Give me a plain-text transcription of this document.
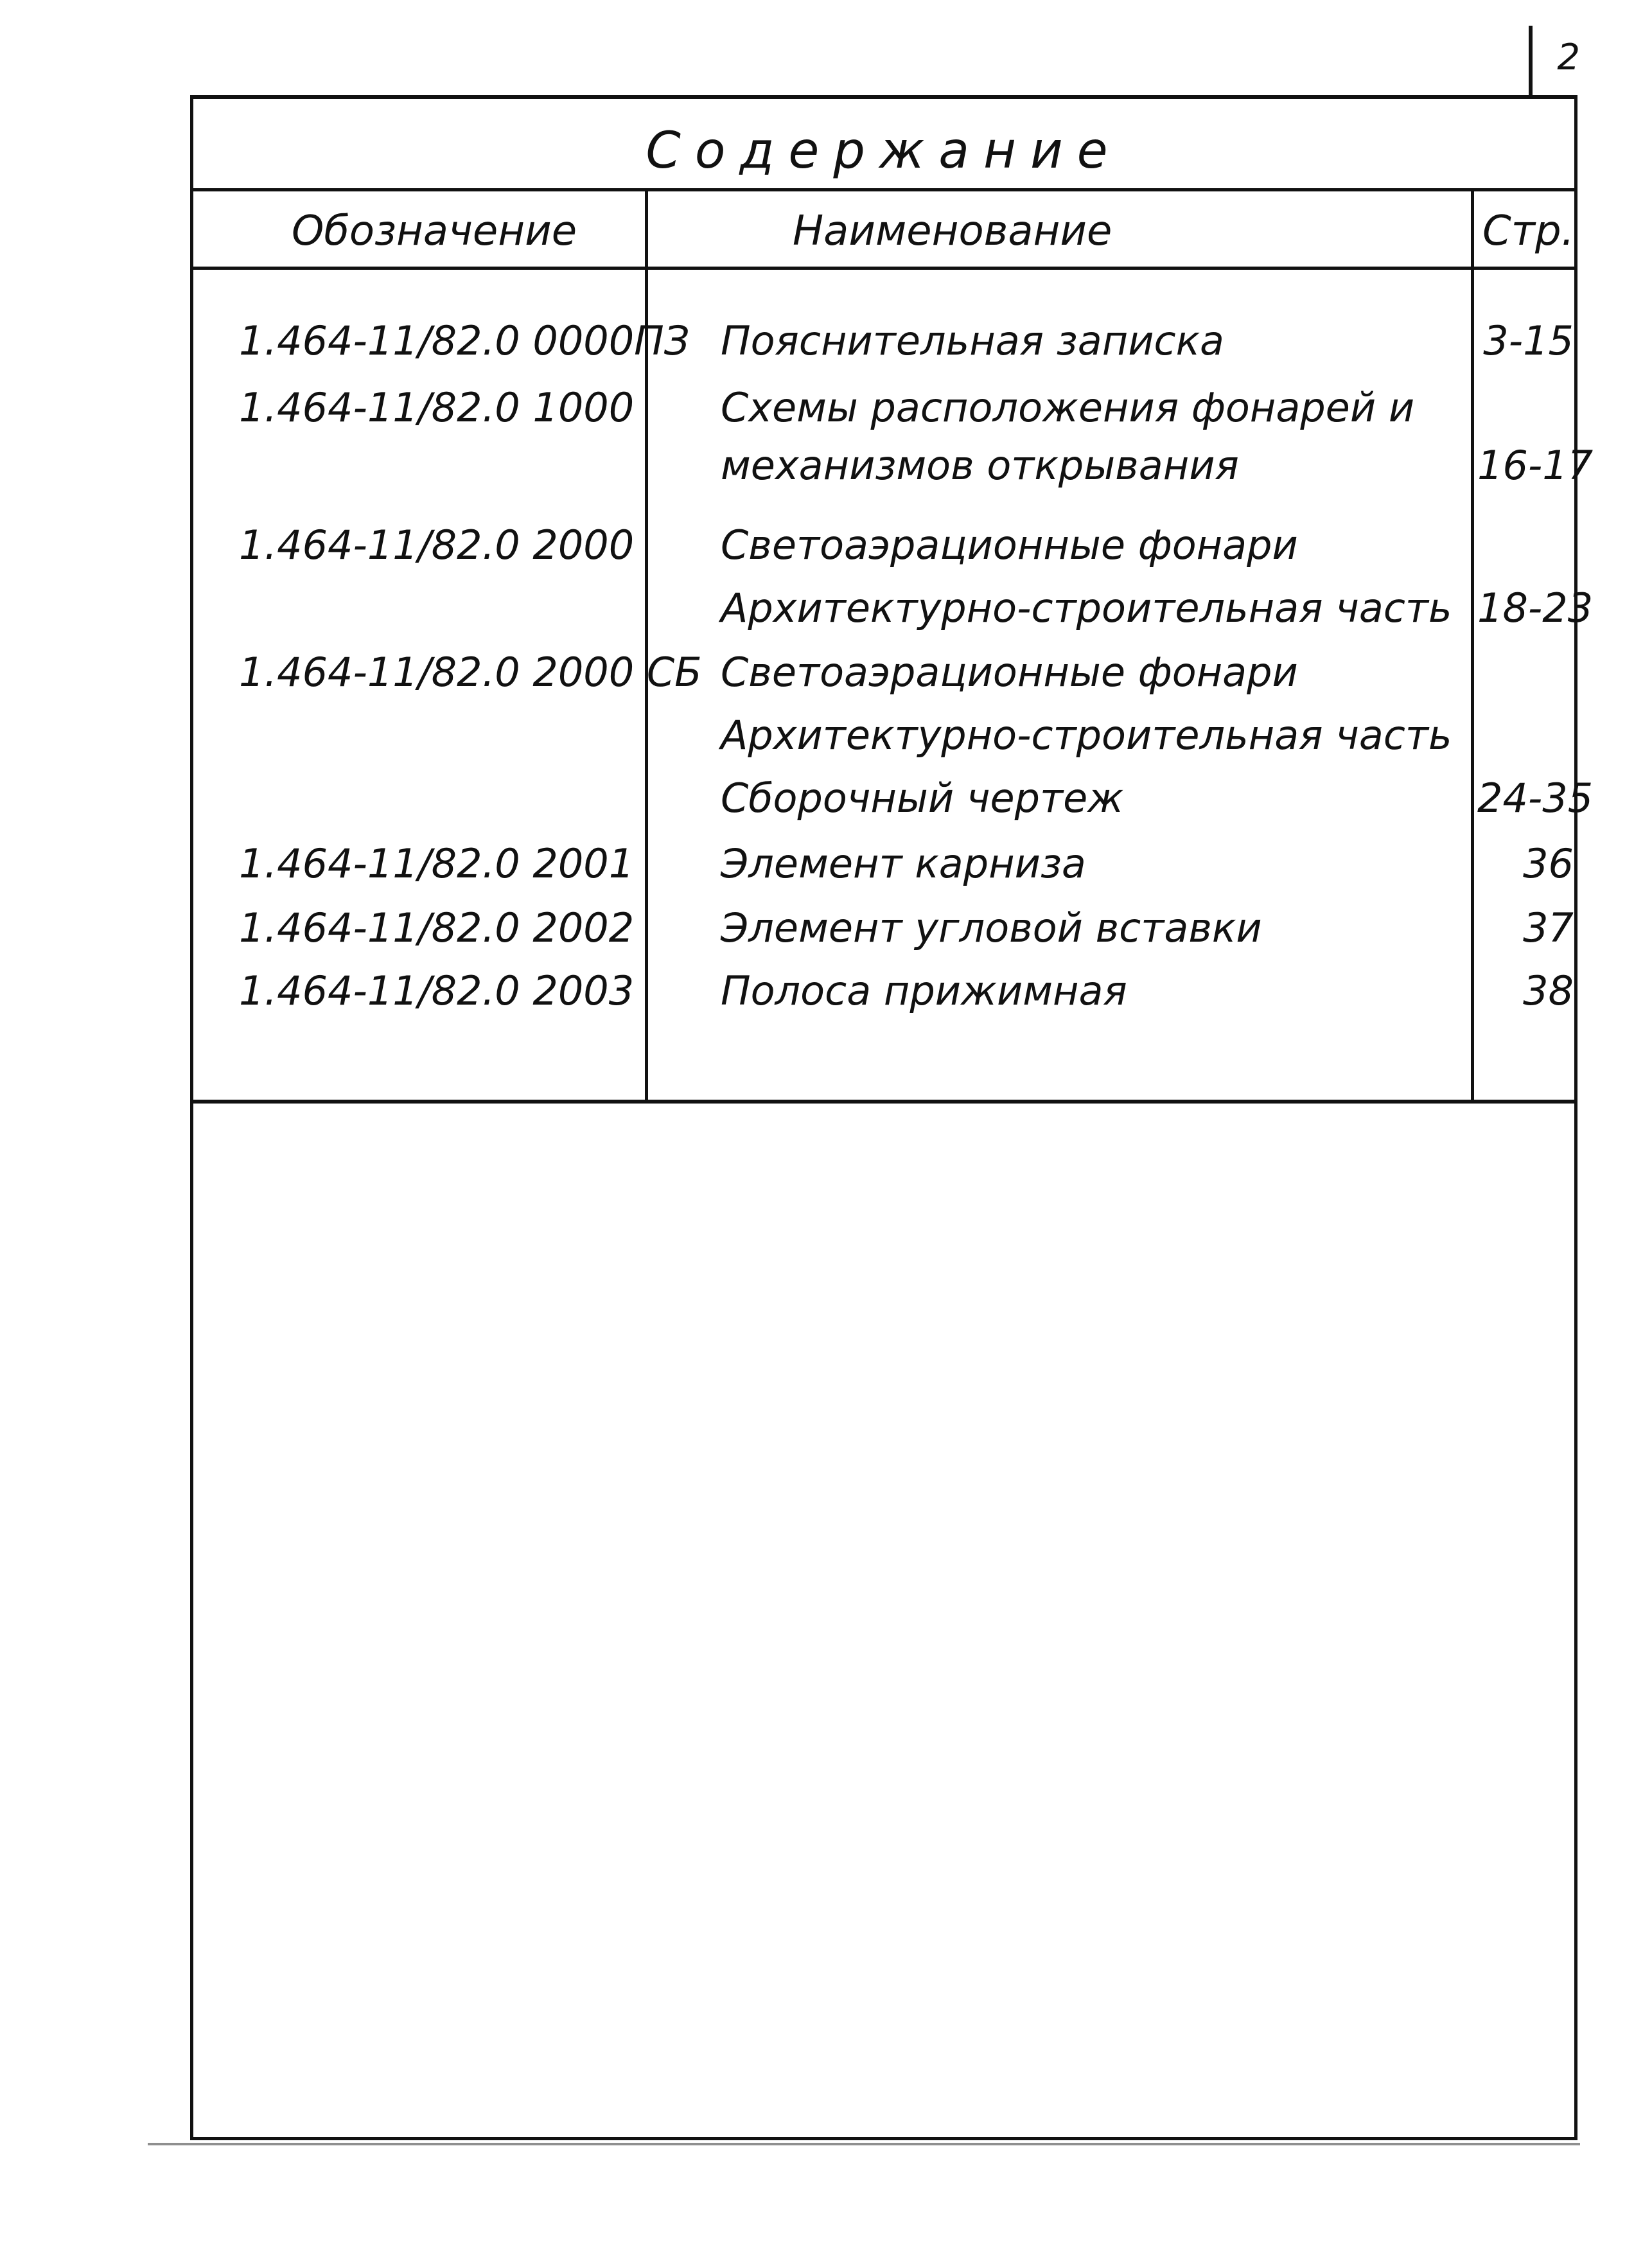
2
Содержание
Обозначение	Наименование	Стр.
1.464-11/82.0 0000ПЗ Пояснительная записка	3-15
1.464-11/82.0 1000 Схемы расположения фонарей и
механизмов открывания	16-17
1.464-11/82.0 2000 Светоаэрационные фонари
Архитектурно-строительная часть 18-23
1.464-11/82.0 2000 СБ Светоаэрационные фонари
Архитектурно-строительная часть
Сборочный чертеж	24-35
1.464-11/82.0 2001 Элемент карниза	36
1.464-11/82.0 2002 Элемент угловой вставки	37
1.464-11/82.0 2003 Полоса прижимная	38
